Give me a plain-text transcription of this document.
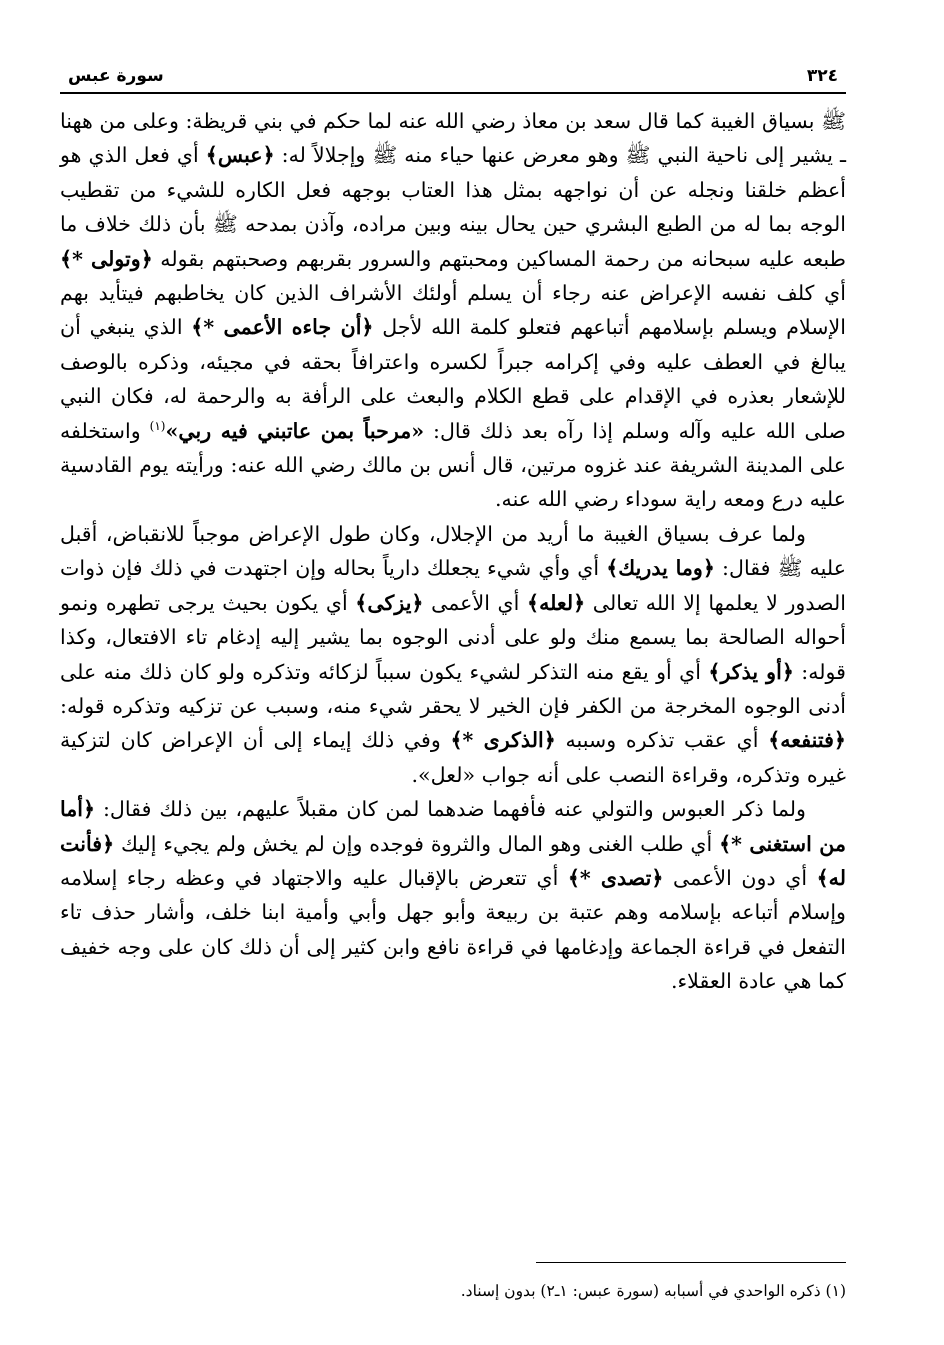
٣٢٤
سورة عبس

ﷺ بسياق الغيبة كما قال سعد بن معاذ رضي الله عنه لما حكم في بني قريظة: وعلى من ههنا ـ يشير إلى ناحية النبي ﷺ وهو معرض عنها حياء منه ﷺ وإجلالاً له: ﴿عبس﴾ أي فعل الذي هو أعظم خلقنا ونجله عن أن نواجهه بمثل هذا العتاب بوجهه فعل الكاره للشيء من تقطيب الوجه بما له من الطبع البشري حين يحال بينه وبين مراده، وآذن بمدحه ﷺ بأن ذلك خلاف ما طبعه عليه سبحانه من رحمة المساكين ومحبتهم والسرور بقربهم وصحبتهم بقوله ﴿وتولى *﴾ أي كلف نفسه الإعراض عنه رجاء أن يسلم أولئك الأشراف الذين كان يخاطبهم فيتأيد بهم الإسلام ويسلم بإسلامهم أتباعهم فتعلو كلمة الله لأجل ﴿أن جاءه الأعمى *﴾ الذي ينبغي أن يبالغ في العطف عليه وفي إكرامه جبراً لكسره واعترافاً بحقه في مجيئه، وذكره بالوصف للإشعار بعذره في الإقدام على قطع الكلام والبعث على الرأفة به والرحمة له، فكان النبي صلى الله عليه وآله وسلم إذا رآه بعد ذلك قال: «مرحباً بمن عاتبني فيه ربي»$^{(١)}$ واستخلفه على المدينة الشريفة عند غزوه مرتين، قال أنس بن مالك رضي الله عنه: ورأيته يوم القادسية عليه درع ومعه راية سوداء رضي الله عنه.

ولما عرف بسياق الغيبة ما أريد من الإجلال، وكان طول الإعراض موجباً للانقباض، أقبل عليه ﷺ فقال: ﴿وما يدريك﴾ أي وأي شيء يجعلك دارياً بحاله وإن اجتهدت في ذلك فإن ذوات الصدور لا يعلمها إلا الله تعالى ﴿لعله﴾ أي الأعمى ﴿يزكى﴾ أي يكون بحيث يرجى تطهره ونمو أحواله الصالحة بما يسمع منك ولو على أدنى الوجوه بما يشير إليه إدغام تاء الافتعال، وكذا قوله: ﴿أو يذكر﴾ أي أو يقع منه التذكر لشيء يكون سبباً لزكائه وتذكره ولو كان ذلك منه على أدنى الوجوه المخرجة من الكفر فإن الخير لا يحقر شيء منه، وسبب عن تزكيه وتذكره قوله: ﴿فتنفعه﴾ أي عقب تذكره وسببه ﴿الذكرى *﴾ وفي ذلك إيماء إلى أن الإعراض كان لتزكية غيره وتذكره، وقراءة النصب على أنه جواب «لعل».

ولما ذكر العبوس والتولي عنه فأفهما ضدهما لمن كان مقبلاً عليهم، بين ذلك فقال: ﴿أما من استغنى *﴾ أي طلب الغنى وهو المال والثروة فوجده وإن لم يخش ولم يجيء إليك ﴿فأنت له﴾ أي دون الأعمى ﴿تصدى *﴾ أي تتعرض بالإقبال عليه والاجتهاد في وعظه رجاء إسلامه وإسلام أتباعه بإسلامه وهم عتبة بن ربيعة وأبو جهل وأبي وأمية ابنا خلف، وأشار حذف تاء التفعل في قراءة الجماعة وإدغامها في قراءة نافع وابن كثير إلى أن ذلك كان على وجه خفيف كما هي عادة العقلاء.

(١) ذكره الواحدي في أسبابه (سورة عبس: ١ـ٢) بدون إسناد.
